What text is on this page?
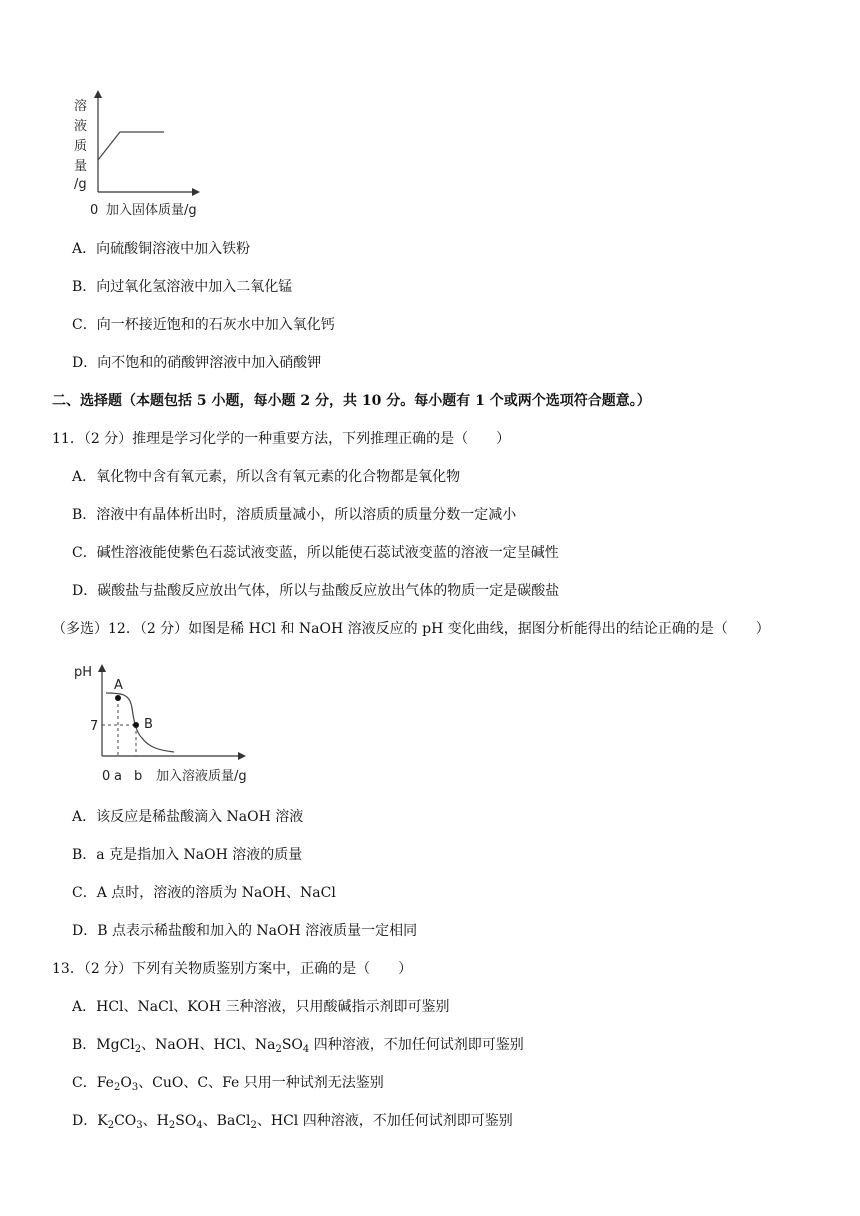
溶
液
质
量
/g
0 加入固体质量/g
A．向硫酸铜溶液中加入铁粉
B．向过氧化氢溶液中加入二氧化锰
C．向一杯接近饱和的石灰水中加入氧化钙
D．向不饱和的硝酸钾溶液中加入硝酸钾
二、选择题（本题包括 5 小题，每小题 2 分，共 10 分。每小题有 1 个或两个选项符合题意。）
11．（2 分）推理是学习化学的一种重要方法，下列推理正确的是（　　）
A．氧化物中含有氧元素，所以含有氧元素的化合物都是氧化物
B．溶液中有晶体析出时，溶质质量减小，所以溶质的质量分数一定减小
C．碱性溶液能使紫色石蕊试液变蓝，所以能使石蕊试液变蓝的溶液一定呈碱性
D．碳酸盐与盐酸反应放出气体，所以与盐酸反应放出气体的物质一定是碳酸盐
（多选）12．（2 分）如图是稀 HCl 和 NaOH 溶液反应的 pH 变化曲线，据图分析能得出的结论正确的是（　　）
pH
A
B
7
0 a b 加入溶液质量/g
A．该反应是稀盐酸滴入 NaOH 溶液
B．a 克是指加入 NaOH 溶液的质量
C．A 点时，溶液的溶质为 NaOH、NaCl
D．B 点表示稀盐酸和加入的 NaOH 溶液质量一定相同
13．（2 分）下列有关物质鉴别方案中，正确的是（　　）
A．HCl、NaCl、KOH 三种溶液，只用酸碱指示剂即可鉴别
B．MgCl$_2$、NaOH、HCl、$Na_2SO_4$ 四种溶液，不加任何试剂即可鉴别
C．$Fe_2O_3$、CuO、C、Fe 只用一种试剂无法鉴别
D．$K_2CO_3$、$H_2SO_4$、BaCl$_2$、HCl 四种溶液，不加任何试剂即可鉴别
